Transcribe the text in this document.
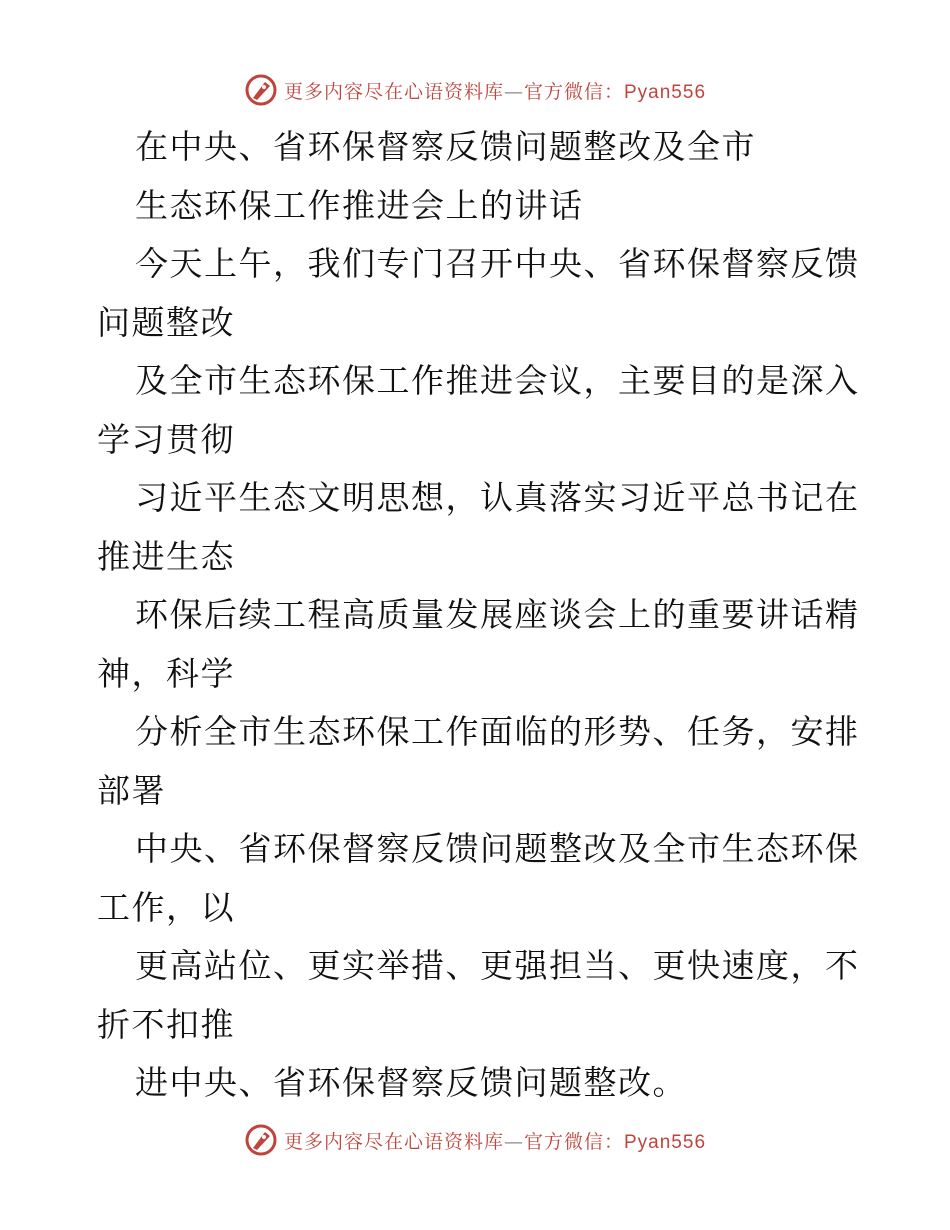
更多内容尽在心语资料库—官方微信：Pyan556
在中央、省环保督察反馈问题整改及全市
生态环保工作推进会上的讲话
今天上午，我们专门召开中央、省环保督察反馈
问题整改
及全市生态环保工作推进会议，主要目的是深入
学习贯彻
习近平生态文明思想，认真落实习近平总书记在
推进生态
环保后续工程高质量发展座谈会上的重要讲话精
神，科学
分析全市生态环保工作面临的形势、任务，安排
部署
中央、省环保督察反馈问题整改及全市生态环保
工作，以
更高站位、更实举措、更强担当、更快速度，不
折不扣推
进中央、省环保督察反馈问题整改。
更多内容尽在心语资料库—官方微信：Pyan556
